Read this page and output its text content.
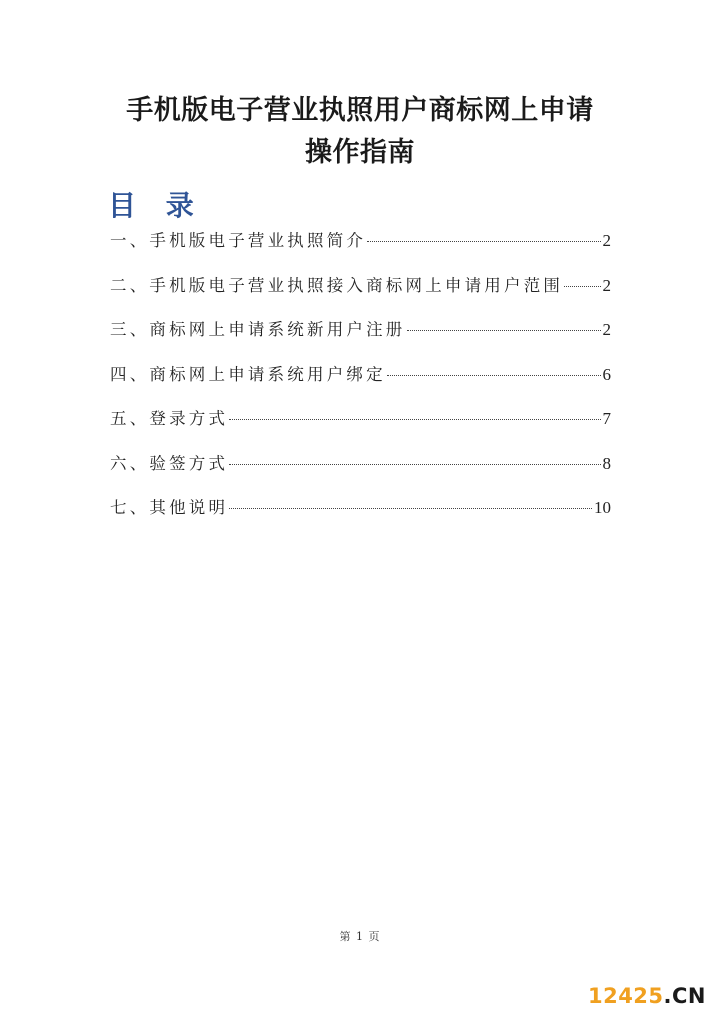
手机版电子营业执照用户商标网上申请
操作指南
目 录
一、手机版电子营业执照简介	2
二、手机版电子营业执照接入商标网上申请用户范围 2
三、商标网上申请系统新用户注册	2
四、商标网上申请系统用户绑定	6
五、登录方式	7
六、验签方式	8
七、其他说明	10
第 1 页
12425.CN
